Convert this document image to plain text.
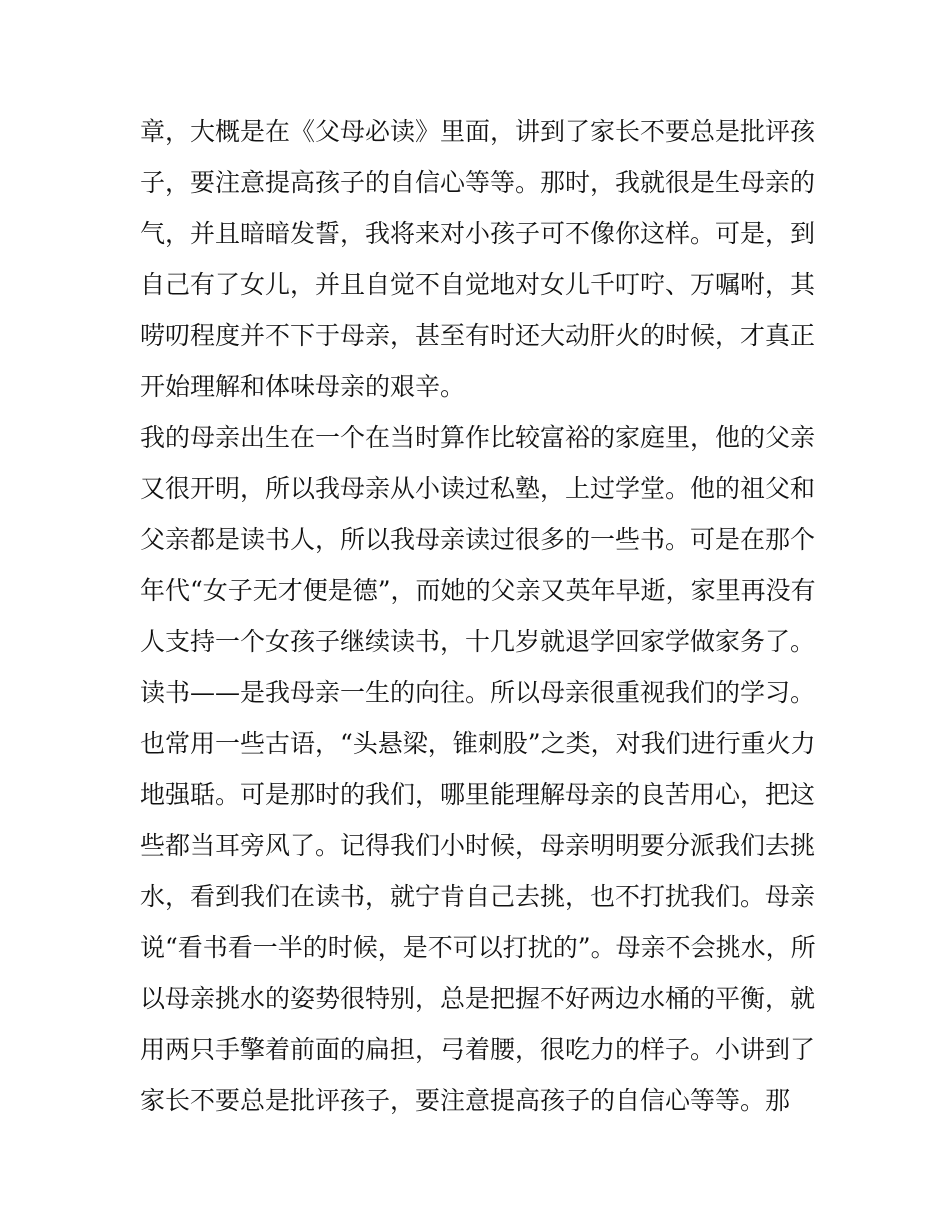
章，大概是在《父母必读》里面，讲到了家长不要总是批评孩
子，要注意提高孩子的自信心等等。那时，我就很是生母亲的
气，并且暗暗发誓，我将来对小孩子可不像你这样。可是，到
自己有了女儿，并且自觉不自觉地对女儿千叮咛、万嘱咐，其
唠叨程度并不下于母亲，甚至有时还大动肝火的时候，才真正
开始理解和体味母亲的艰辛。
我的母亲出生在一个在当时算作比较富裕的家庭里，他的父亲
又很开明，所以我母亲从小读过私塾，上过学堂。他的祖父和
父亲都是读书人，所以我母亲读过很多的一些书。可是在那个
年代“女子无才便是德”，而她的父亲又英年早逝，家里再没有
人支持一个女孩子继续读书，十几岁就退学回家学做家务了。
读书——是我母亲一生的向往。所以母亲很重视我们的学习。
也常用一些古语，“头悬梁，锥刺股”之类，对我们进行重火力
地强聒。可是那时的我们，哪里能理解母亲的良苦用心，把这
些都当耳旁风了。记得我们小时候，母亲明明要分派我们去挑
水，看到我们在读书，就宁肯自己去挑，也不打扰我们。母亲
说“看书看一半的时候，是不可以打扰的”。母亲不会挑水，所
以母亲挑水的姿势很特别，总是把握不好两边水桶的平衡，就
用两只手擎着前面的扁担，弓着腰，很吃力的样子。小讲到了
家长不要总是批评孩子，要注意提高孩子的自信心等等。那
